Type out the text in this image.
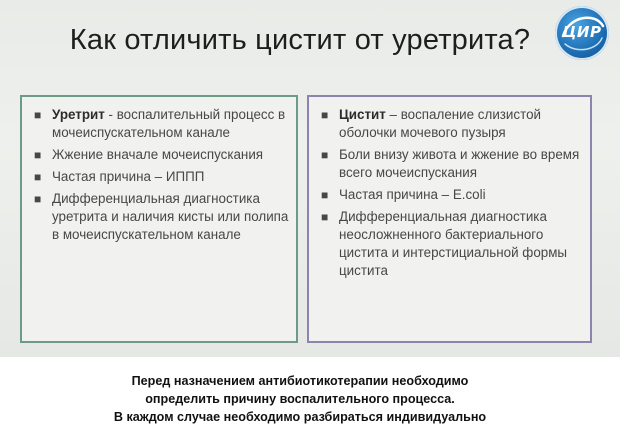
Как отличить цистит от уретрита?	ЦИР
■ Уретрит - воспалительный процесс в мочеиспускательном канале
■ Жжение вначале мочеиспускания
■ Частая причина – ИППП
■ Дифференциальная диагностика уретрита и наличия кисты или полипа в мочеиспускательном канале
■ Цистит – воспаление слизистой оболочки мочевого пузыря
■ Боли внизу живота и жжение во время всего мочеиспускания
■ Частая причина – E.coli
■ Дифференциальная диагностика неосложненного бактериального цистита и интерстициальной формы цистита
Перед назначением антибиотикотерапии необходимо
определить причину воспалительного процесса.
В каждом случае необходимо разбираться индивидуально
